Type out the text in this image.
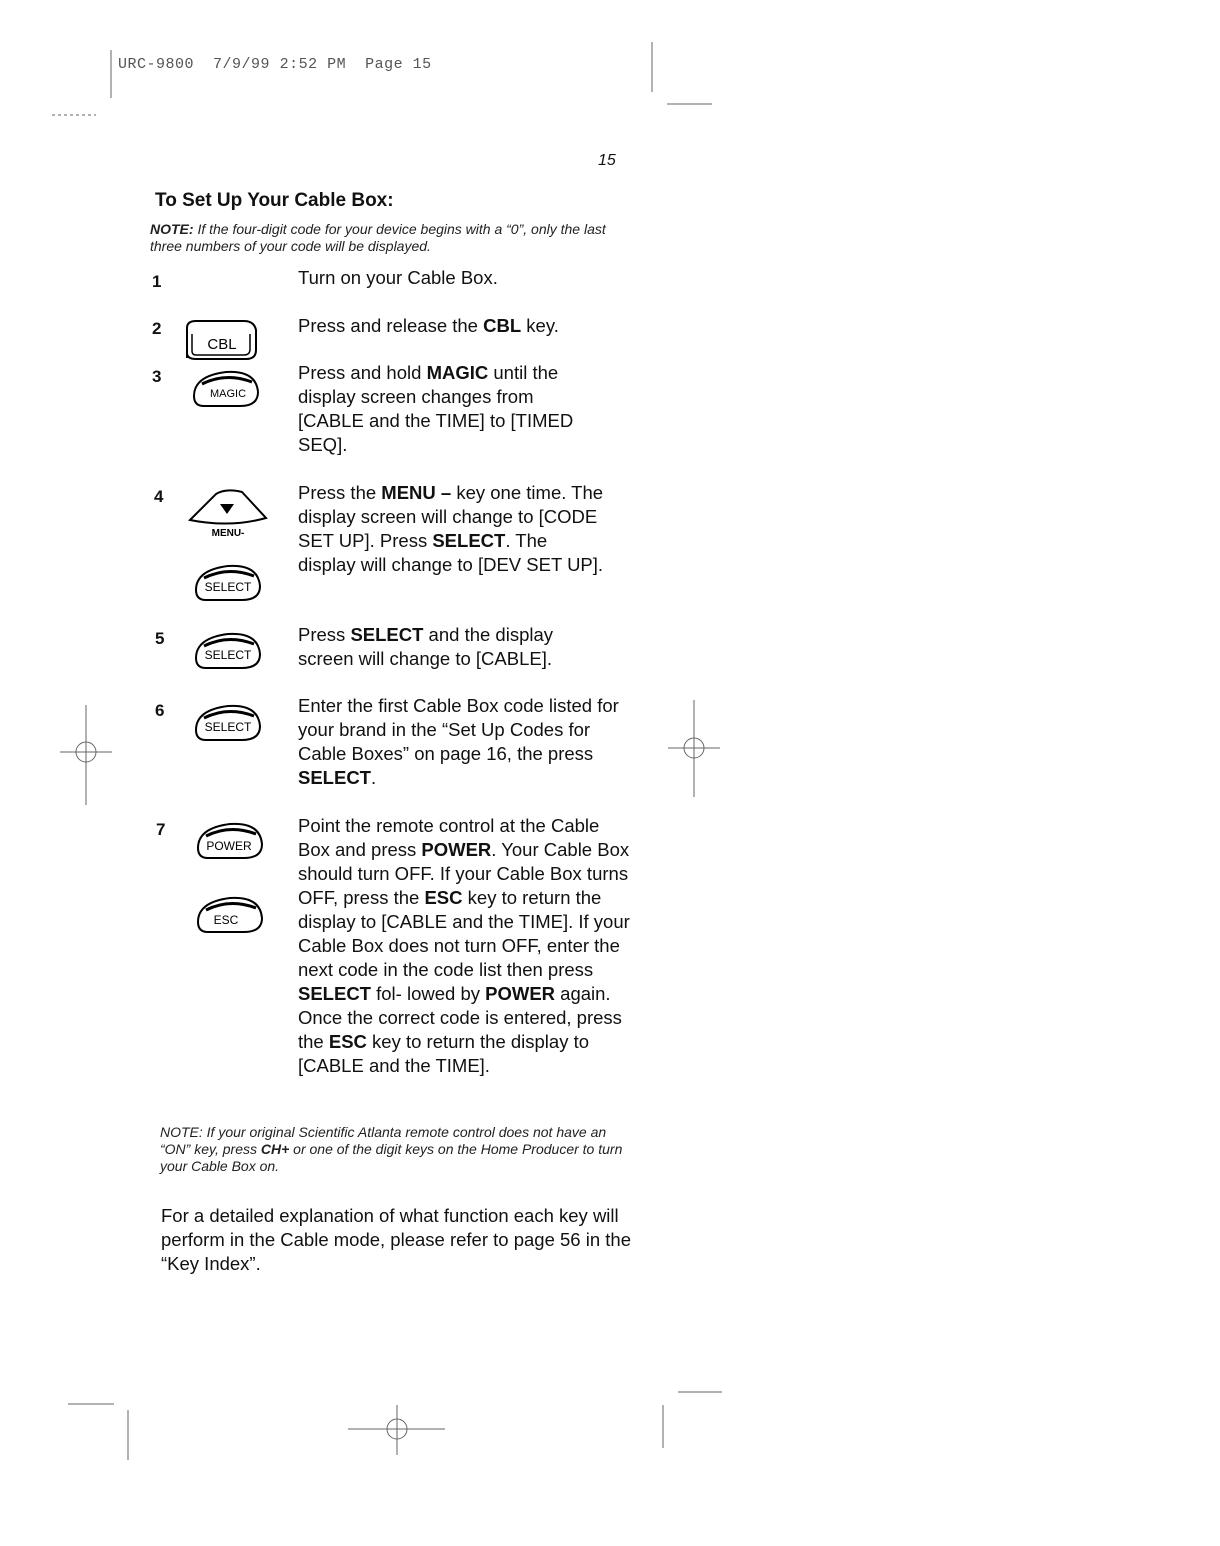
URC-9800 7/9/99 2:52 PM Page 15
15
To Set Up Your Cable Box:
NOTE: If the four-digit code for your device begins with a “0”, only the last three numbers of your code will be displayed.
1
2
3
4
5
6
7
Turn on your Cable Box.
Press and release the CBL key.
Press and hold MAGIC until the display screen changes from [CABLE and the TIME] to [TIMED SEQ].
Press the MENU – key one time. The display screen will change to [CODE SET UP]. Press SELECT. The display will change to [DEV SET UP].
Press SELECT and the display screen will change to [CABLE].
Enter the first Cable Box code listed for your brand in the “Set Up Codes for Cable Boxes” on page 16, the press SELECT.
Point the remote control at the Cable Box and press POWER. Your Cable Box should turn OFF. If your Cable Box turns OFF, press the ESC key to return the display to [CABLE and the TIME]. If your Cable Box does not turn OFF, enter the next code in the code list then press SELECT fol- lowed by POWER again. Once the correct code is entered, press the ESC key to return the display to [CABLE and the TIME].
CBL
MAGIC
MENU-
SELECT
SELECT
SELECT
POWER
ESC
NOTE: If your original Scientific Atlanta remote control does not have an “ON” key, press CH+ or one of the digit keys on the Home Producer to turn your Cable Box on.
For a detailed explanation of what function each key will perform in the Cable mode, please refer to page 56 in the “Key Index”.
